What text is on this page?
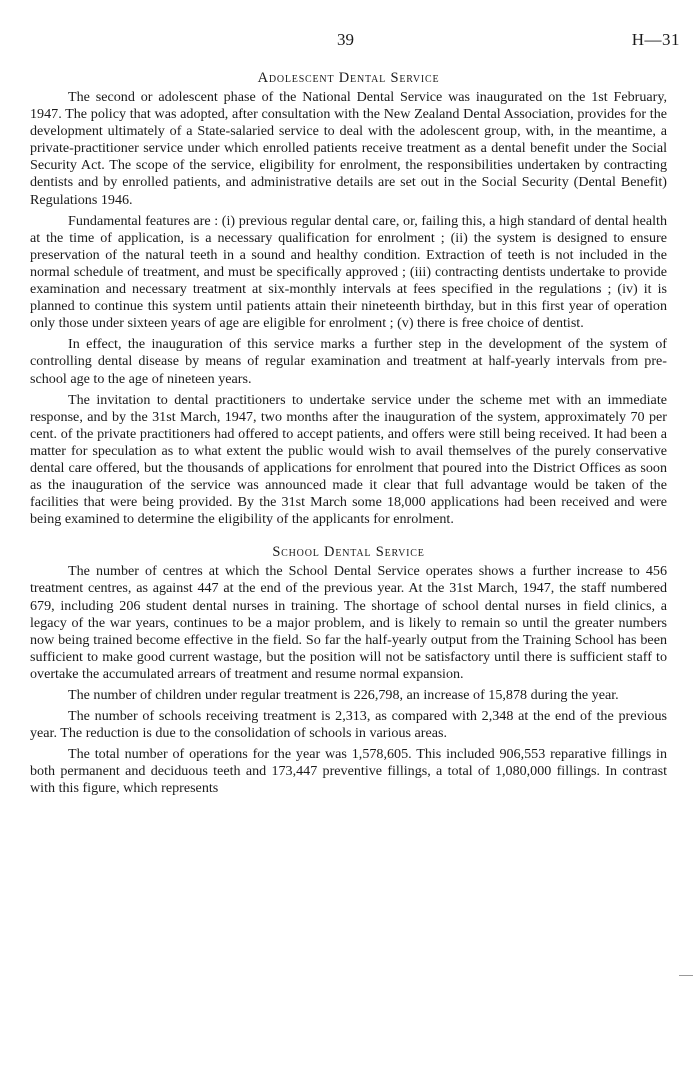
39	H—31
Adolescent Dental Service

The second or adolescent phase of the National Dental Service was inaugurated on the 1st February, 1947. The policy that was adopted, after consultation with the New Zealand Dental Association, provides for the development ultimately of a State-salaried service to deal with the adolescent group, with, in the meantime, a private-practitioner service under which enrolled patients receive treatment as a dental benefit under the Social Security Act. The scope of the service, eligibility for enrolment, the responsibilities undertaken by contracting dentists and by enrolled patients, and administrative details are set out in the Social Security (Dental Benefit) Regulations 1946.

Fundamental features are : (i) previous regular dental care, or, failing this, a high standard of dental health at the time of application, is a necessary qualification for enrolment ; (ii) the system is designed to ensure preservation of the natural teeth in a sound and healthy condition. Extraction of teeth is not included in the normal schedule of treatment, and must be specifically approved ; (iii) contracting dentists undertake to provide examination and necessary treatment at six-monthly intervals at fees specified in the regulations ; (iv) it is planned to continue this system until patients attain their nineteenth birthday, but in this first year of operation only those under sixteen years of age are eligible for enrolment ; (v) there is free choice of dentist.

In effect, the inauguration of this service marks a further step in the development of the system of controlling dental disease by means of regular examination and treatment at half-yearly intervals from pre-school age to the age of nineteen years.

The invitation to dental practitioners to undertake service under the scheme met with an immediate response, and by the 31st March, 1947, two months after the inauguration of the system, approximately 70 per cent. of the private practitioners had offered to accept patients, and offers were still being received. It had been a matter for speculation as to what extent the public would wish to avail themselves of the purely conservative dental care offered, but the thousands of applications for enrolment that poured into the District Offices as soon as the inauguration of the service was announced made it clear that full advantage would be taken of the facilities that were being provided. By the 31st March some 18,000 applications had been received and were being examined to determine the eligibility of the applicants for enrolment.

School Dental Service

The number of centres at which the School Dental Service operates shows a further increase to 456 treatment centres, as against 447 at the end of the previous year. At the 31st March, 1947, the staff numbered 679, including 206 student dental nurses in training. The shortage of school dental nurses in field clinics, a legacy of the war years, continues to be a major problem, and is likely to remain so until the greater numbers now being trained become effective in the field. So far the half-yearly output from the Training School has been sufficient to make good current wastage, but the position will not be satisfactory until there is sufficient staff to overtake the accumulated arrears of treatment and resume normal expansion.

The number of children under regular treatment is 226,798, an increase of 15,878 during the year.

The number of schools receiving treatment is 2,313, as compared with 2,348 at the end of the previous year. The reduction is due to the consolidation of schools in various areas.

The total number of operations for the year was 1,578,605. This included 906,553 reparative fillings in both permanent and deciduous teeth and 173,447 preventive fillings, a total of 1,080,000 fillings. In contrast with this figure, which represents
